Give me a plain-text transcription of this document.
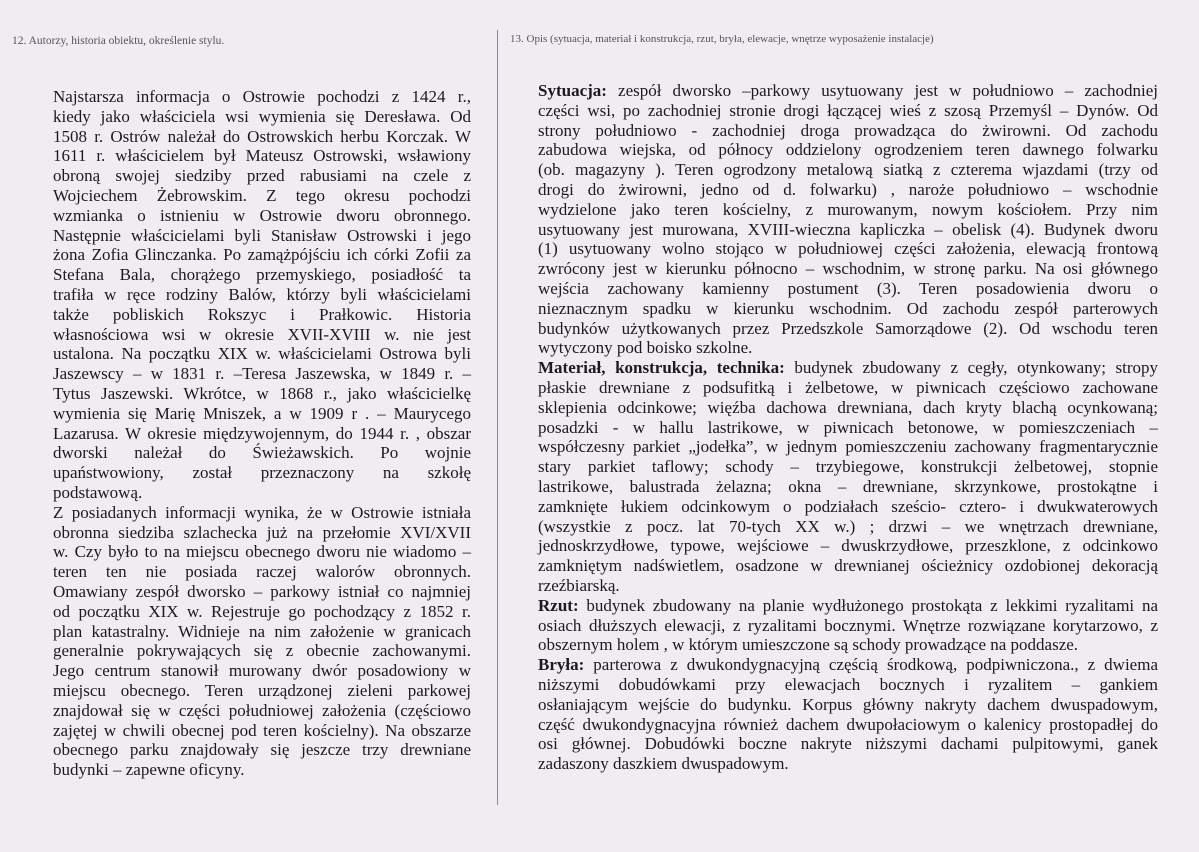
12. Autorzy, historia obiektu, określenie stylu.	13. Opis (sytuacja, materiał i konstrukcja, rzut, bryła, elewacje, wnętrze wyposażenie instalacje)
Najstarsza informacja o Ostrowie pochodzi z 1424 r.,
kiedy jako właściciela wsi wymienia się Deresława. Od
1508 r. Ostrów należał do Ostrowskich herbu Korczak. W
1611 r. właścicielem był Mateusz Ostrowski, wsławiony
obroną swojej siedziby przed rabusiami na czele z
Wojciechem Żebrowskim. Z tego okresu pochodzi
wzmianka o istnieniu w Ostrowie dworu obronnego.
Następnie właścicielami byli Stanisław Ostrowski i jego
żona Zofia Glinczanka. Po zamążpójściu ich córki Zofii za
Stefana Bala, chorążego przemyskiego, posiadłość ta
trafiła w ręce rodziny Balów, którzy byli właścicielami
także pobliskich Rokszyc i Prałkowic. Historia
własnościowa wsi w okresie XVII-XVIII w. nie jest
ustalona. Na początku XIX w. właścicielami Ostrowa byli
Jaszewscy – w 1831 r. –Teresa Jaszewska, w 1849 r. –
Tytus Jaszewski. Wkrótce, w 1868 r., jako właścicielkę
wymienia się Marię Mniszek, a w 1909 r . – Maurycego
Lazarusa. W okresie międzywojennym, do 1944 r. , obszar
dworski należał do Świeżawskich. Po wojnie
upaństwowiony, został przeznaczony na szkołę
podstawową.
Z posiadanych informacji wynika, że w Ostrowie istniała
obronna siedziba szlachecka już na przełomie XVI/XVII
w. Czy było to na miejscu obecnego dworu nie wiadomo –
teren ten nie posiada raczej walorów obronnych.
Omawiany zespół dworsko – parkowy istniał co najmniej
od początku XIX w. Rejestruje go pochodzący z 1852 r.
plan katastralny. Widnieje na nim założenie w granicach
generalnie pokrywających się z obecnie zachowanymi.
Jego centrum stanowił murowany dwór posadowiony w
miejscu obecnego. Teren urządzonej zieleni parkowej
znajdował się w części południowej założenia (częściowo
zajętej w chwili obecnej pod teren kościelny). Na obszarze
obecnego parku znajdowały się jeszcze trzy drewniane
budynki – zapewne oficyny.
Sytuacja: zespół dworsko –parkowy usytuowany jest w południowo – zachodniej
części wsi, po zachodniej stronie drogi łączącej wieś z szosą Przemyśl – Dynów. Od
strony południowo - zachodniej droga prowadząca do żwirowni. Od zachodu
zabudowa wiejska, od północy oddzielony ogrodzeniem teren dawnego folwarku
(ob. magazyny ). Teren ogrodzony metalową siatką z czterema wjazdami (trzy od
drogi do żwirowni, jedno od d. folwarku) , naroże południowo – wschodnie
wydzielone jako teren kościelny, z murowanym, nowym kościołem. Przy nim
usytuowany jest murowana, XVIII-wieczna kapliczka – obelisk (4). Budynek dworu
(1) usytuowany wolno stojąco w południowej części założenia, elewacją frontową
zwrócony jest w kierunku północno – wschodnim, w stronę parku. Na osi głównego
wejścia zachowany kamienny postument (3). Teren posadowienia dworu o
nieznacznym spadku w kierunku wschodnim. Od zachodu zespół parterowych
budynków użytkowanych przez Przedszkole Samorządowe (2). Od wschodu teren
wytyczony pod boisko szkolne.
Materiał, konstrukcja, technika: budynek zbudowany z cegły, otynkowany; stropy
płaskie drewniane z podsufitką i żelbetowe, w piwnicach częściowo zachowane
sklepienia odcinkowe; więźba dachowa drewniana, dach kryty blachą ocynkowaną;
posadzki - w hallu lastrikowe, w piwnicach betonowe, w pomieszczeniach –
współczesny parkiet „jodełka”, w jednym pomieszczeniu zachowany fragmentarycznie
stary parkiet taflowy; schody – trzybiegowe, konstrukcji żelbetowej, stopnie
lastrikowe, balustrada żelazna; okna – drewniane, skrzynkowe, prostokątne i
zamknięte łukiem odcinkowym o podziałach sześcio- cztero- i dwukwaterowych
(wszystkie z pocz. lat 70-tych XX w.) ; drzwi – we wnętrzach drewniane,
jednoskrzydłowe, typowe, wejściowe – dwuskrzydłowe, przeszklone, z odcinkowo
zamkniętym nadświetlem, osadzone w drewnianej ościeżnicy ozdobionej dekoracją
rzeźbiarską.
Rzut: budynek zbudowany na planie wydłużonego prostokąta z lekkimi ryzalitami na
osiach dłuższych elewacji, z ryzalitami bocznymi. Wnętrze rozwiązane korytarzowo, z
obszernym holem , w którym umieszczone są schody prowadzące na poddasze.
Bryła: parterowa z dwukondygnacyjną częścią środkową, podpiwniczona., z dwiema
niższymi dobudówkami przy elewacjach bocznych i ryzalitem – gankiem
osłaniającym wejście do budynku. Korpus główny nakryty dachem dwuspadowym,
część dwukondygnacyjna również dachem dwupołaciowym o kalenicy prostopadłej do
osi głównej. Dobudówki boczne nakryte niższymi dachami pulpitowymi, ganek
zadaszony daszkiem dwuspadowym.
